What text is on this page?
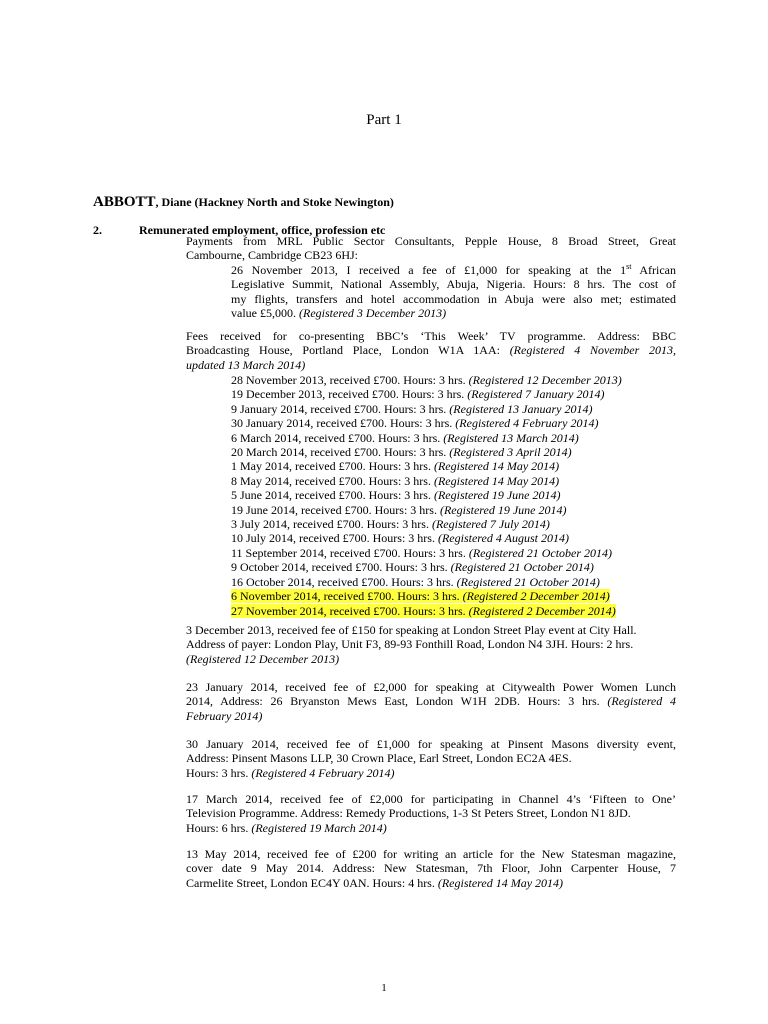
Part 1
ABBOTT, Diane (Hackney North and Stoke Newington)
2.	Remunerated employment, office, profession etc
Payments from MRL Public Sector Consultants, Pepple House, 8 Broad Street, Great
Cambourne, Cambridge CB23 6HJ:
26 November 2013, I received a fee of £1,000 for speaking at the 1st African
Legislative Summit, National Assembly, Abuja, Nigeria. Hours: 8 hrs. The cost of
my flights, transfers and hotel accommodation in Abuja were also met; estimated
value £5,000. (Registered 3 December 2013)
Fees received for co-presenting BBC’s ‘This Week’ TV programme. Address: BBC
Broadcasting House, Portland Place, London W1A 1AA: (Registered 4 November 2013,
updated 13 March 2014)
28 November 2013, received £700. Hours: 3 hrs. (Registered 12 December 2013)
19 December 2013, received £700. Hours: 3 hrs. (Registered 7 January 2014)
9 January 2014, received £700. Hours: 3 hrs. (Registered 13 January 2014)
30 January 2014, received £700. Hours: 3 hrs. (Registered 4 February 2014)
6 March 2014, received £700. Hours: 3 hrs. (Registered 13 March 2014)
20 March 2014, received £700. Hours: 3 hrs. (Registered 3 April 2014)
1 May 2014, received £700. Hours: 3 hrs. (Registered 14 May 2014)
8 May 2014, received £700. Hours: 3 hrs. (Registered 14 May 2014)
5 June 2014, received £700. Hours: 3 hrs. (Registered 19 June 2014)
19 June 2014, received £700. Hours: 3 hrs. (Registered 19 June 2014)
3 July 2014, received £700. Hours: 3 hrs. (Registered 7 July 2014)
10 July 2014, received £700. Hours: 3 hrs. (Registered 4 August 2014)
11 September 2014, received £700. Hours: 3 hrs. (Registered 21 October 2014)
9 October 2014, received £700. Hours: 3 hrs. (Registered 21 October 2014)
16 October 2014, received £700. Hours: 3 hrs. (Registered 21 October 2014)
6 November 2014, received £700. Hours: 3 hrs. (Registered 2 December 2014)
27 November 2014, received £700. Hours: 3 hrs. (Registered 2 December 2014)
3 December 2013, received fee of £150 for speaking at London Street Play event at City Hall.
Address of payer: London Play, Unit F3, 89-93 Fonthill Road, London N4 3JH. Hours: 2 hrs.
(Registered 12 December 2013)
23 January 2014, received fee of £2,000 for speaking at Citywealth Power Women Lunch
2014, Address: 26 Bryanston Mews East, London W1H 2DB. Hours: 3 hrs. (Registered 4
February 2014)
30 January 2014, received fee of £1,000 for speaking at Pinsent Masons diversity event,
Address: Pinsent Masons LLP, 30 Crown Place, Earl Street, London EC2A 4ES.
Hours: 3 hrs. (Registered 4 February 2014)
17 March 2014, received fee of £2,000 for participating in Channel 4’s ‘Fifteen to One’
Television Programme. Address: Remedy Productions, 1-3 St Peters Street, London N1 8JD.
Hours: 6 hrs. (Registered 19 March 2014)
13 May 2014, received fee of £200 for writing an article for the New Statesman magazine,
cover date 9 May 2014. Address: New Statesman, 7th Floor, John Carpenter House, 7
Carmelite Street, London EC4Y 0AN. Hours: 4 hrs. (Registered 14 May 2014)
1
